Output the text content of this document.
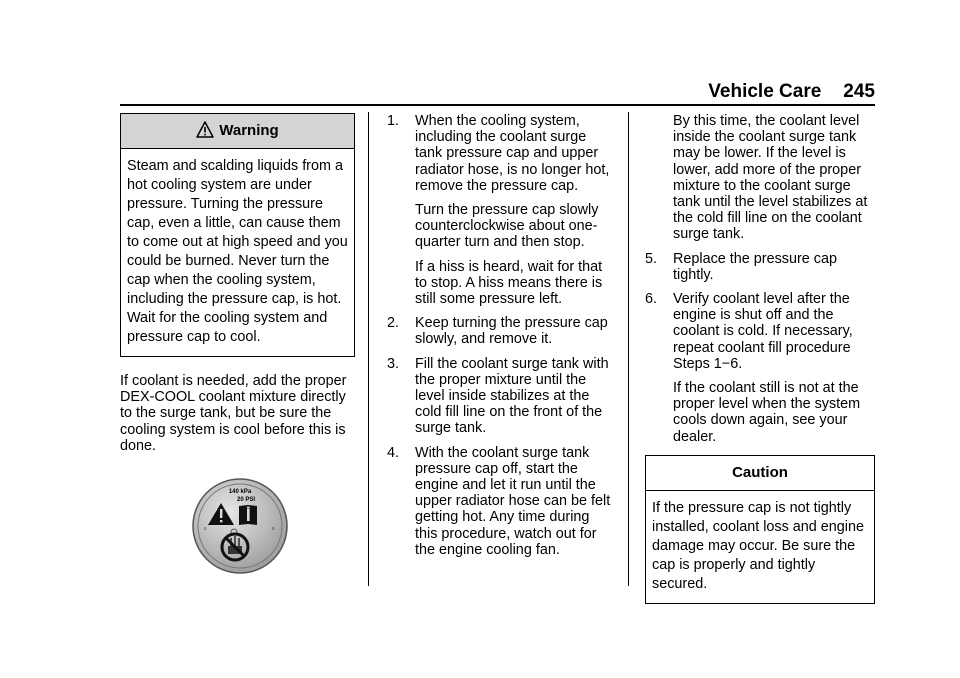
Vehicle Care 245
Warning
Steam and scalding liquids from a hot cooling system are under pressure. Turning the pressure cap, even a little, can cause them to come out at high speed and you could be burned. Never turn the cap when the cooling system, including the pressure cap, is hot. Wait for the cooling system and pressure cap to cool.

If coolant is needed, add the proper DEX-COOL coolant mixture directly to the surge tank, but be sure the cooling system is cool before this is done.

140 kPa
20 PSI
s	s
1.	When the cooling system, including the coolant surge tank pressure cap and upper radiator hose, is no longer hot, remove the pressure cap.

Turn the pressure cap slowly counterclockwise about one-quarter turn and then stop.

If a hiss is heard, wait for that to stop. A hiss means there is still some pressure left.

2.	Keep turning the pressure cap slowly, and remove it.

3.	Fill the coolant surge tank with the proper mixture until the level inside stabilizes at the cold fill line on the front of the surge tank.

4.	With the coolant surge tank pressure cap off, start the engine and let it run until the upper radiator hose can be felt getting hot. Any time during this procedure, watch out for the engine cooling fan.

By this time, the coolant level inside the coolant surge tank may be lower. If the level is lower, add more of the proper mixture to the coolant surge tank until the level stabilizes at the cold fill line on the coolant surge tank.

5.	Replace the pressure cap tightly.

6.	Verify coolant level after the engine is shut off and the coolant is cold. If necessary, repeat coolant fill procedure Steps 1−6.

If the coolant still is not at the proper level when the system cools down again, see your dealer.

Caution
If the pressure cap is not tightly installed, coolant loss and engine damage may occur. Be sure the cap is properly and tightly secured.
